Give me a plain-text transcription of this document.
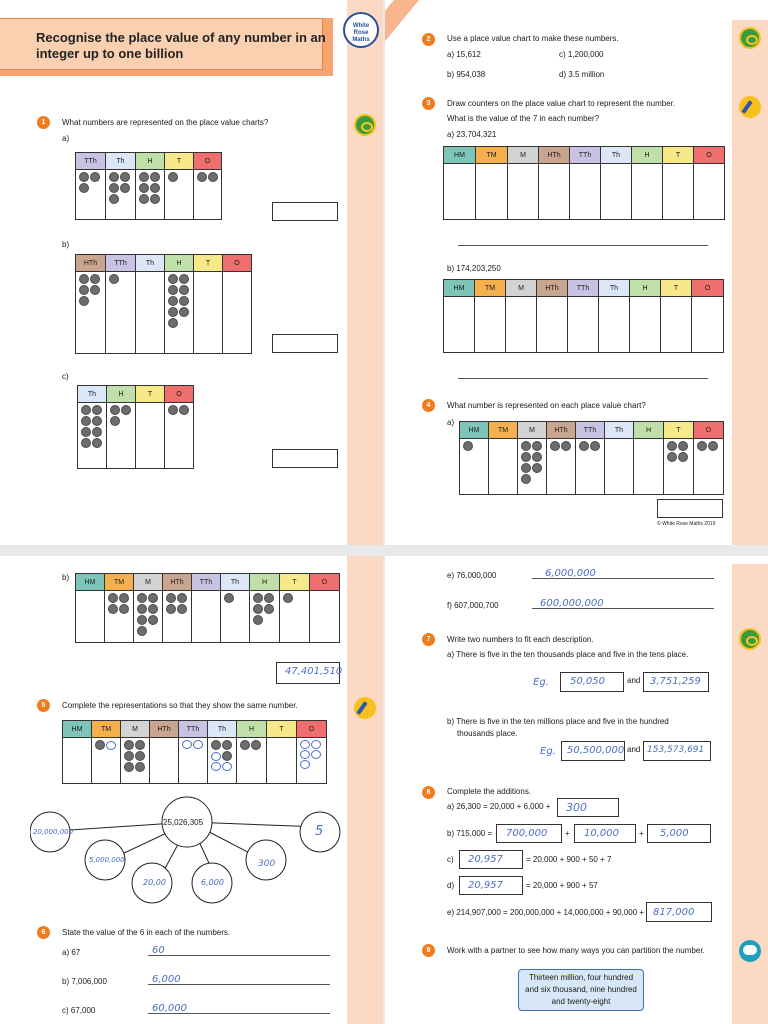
Recognise the place value of any number in an integer up to one billion
White Rose Maths
1	What numbers are represented on the place value charts?
a)
TTh	Th	H	T	O

b)
HTh	TTh	Th	H	T	O

c)
Th	H	T	O

2	Use a place value chart to make these numbers.
a) 15,612	c) 1,200,000
b) 954,038	d) 3.5 million
3	Draw counters on the place value chart to represent the number.
What is the value of the 7 in each number?
a) 23,704,321
HM	TM	M	HTh	TTh	Th	H	T	O

b) 174,203,250
HM	TM	M	HTh	TTh	Th	H	T	O

4	What number is represented on each place value chart?
a)
HM	TM	M	HTh	TTh	Th	H	T	O

© White Rose Maths 2019
b) HM	TM	M	HTh	TTh	Th	H	T	O

47,401,510
5	Complete the representations so that they show the same number.
HM	TM	M	HTh	TTh	Th	H	T	O

25,026,305
20,000,000
5,000,000
20,00	6,000
300
5
6	State the value of the 6 in each of the numbers.
a) 67	60
b) 7,006,000	6,000
c) 67,000	60,000
e) 76,000,000	6,000,000
f) 607,000,700	600,000,000
7	Write two numbers to fit each description.
a) There is five in the ten thousands place and five in the tens place.
Eg. 50,050	and 3,751,259
b) There is five in the ten millions place and five in the hundred
thousands place.
Eg. 50,500,000 and 153,573,691
8	Complete the additions.
a) 26,300 = 20,000 + 6,000 + 300
b) 715,000 = 700,000 + 10,000	+ 5,000
c) 20,957	= 20,000 + 900 + 50 + 7
d) 20,957	= 20,000 + 900 + 57
e) 214,907,000 = 200,000,000 + 14,000,000 + 90,000 + 817,000
9	Work with a partner to see how many ways you can partition the number.
Thirteen million, four hundred
and six thousand, nine hundred
and twenty-eight
